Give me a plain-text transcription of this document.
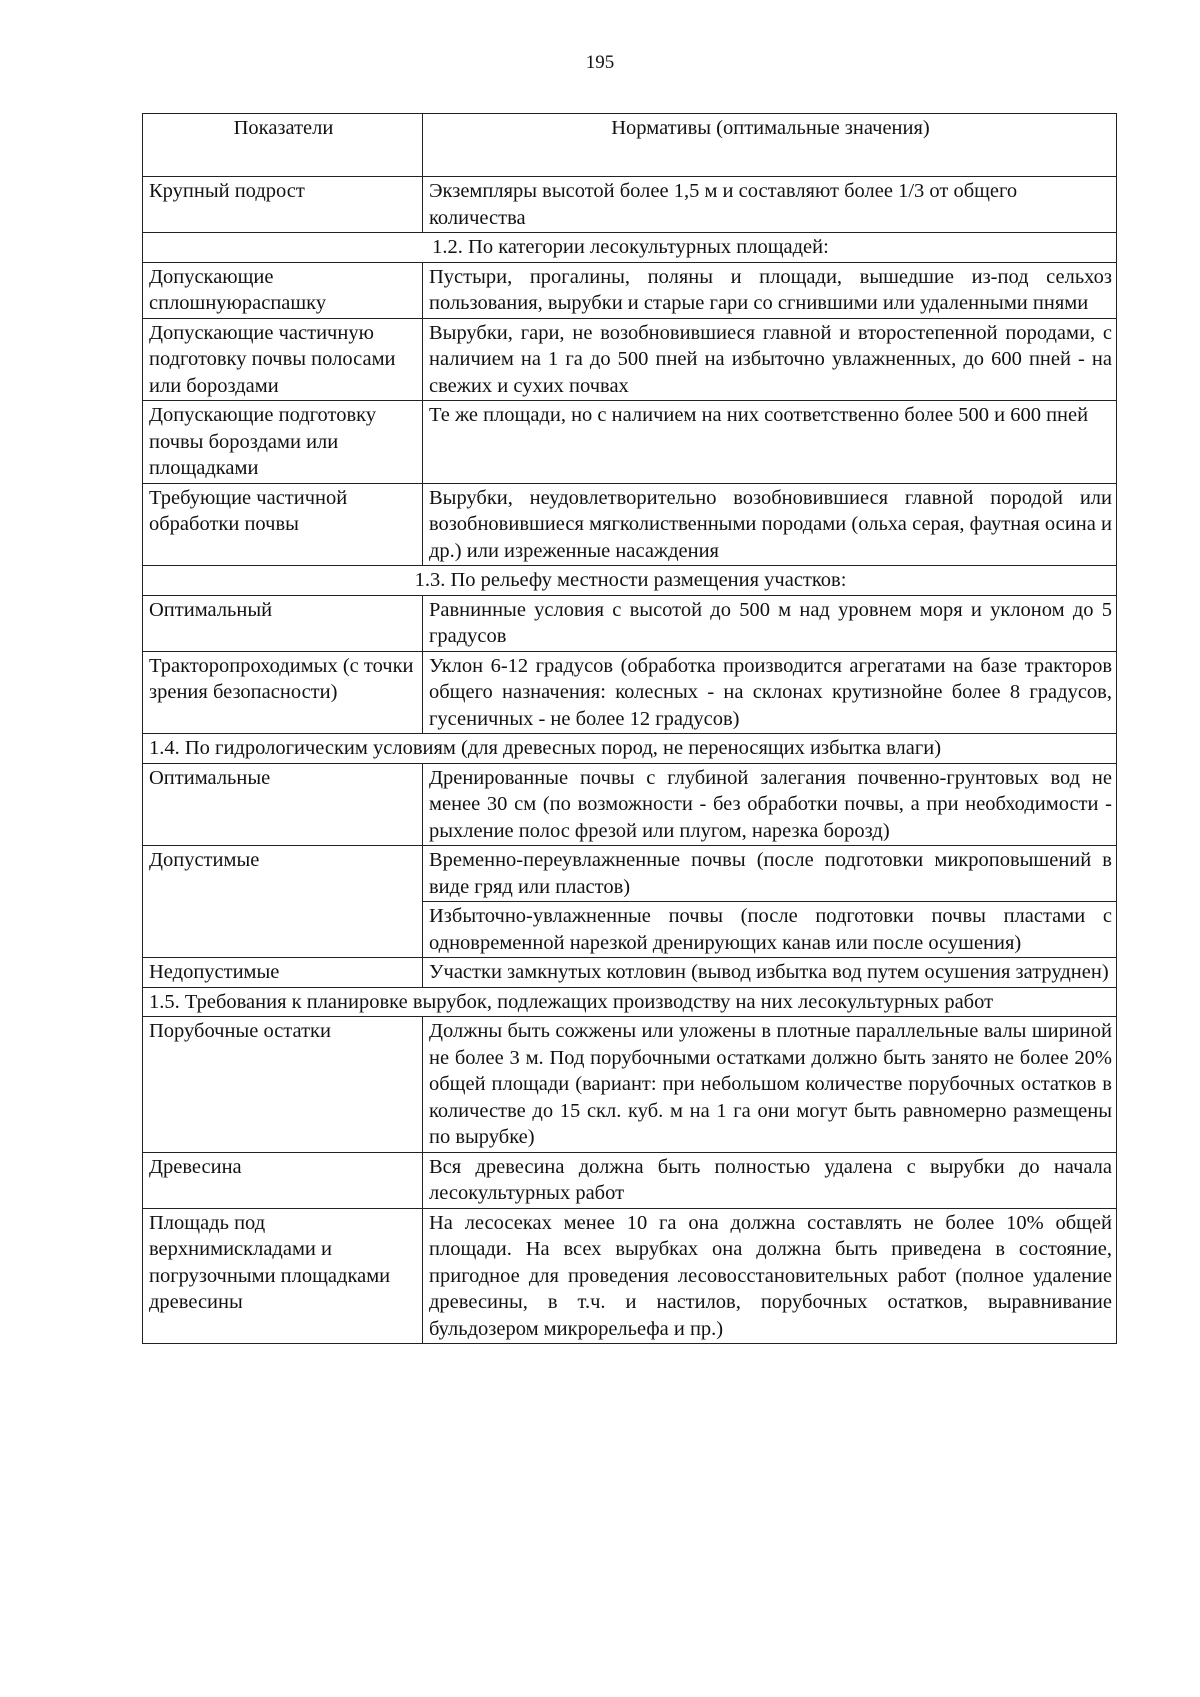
195
Показатели	Нормативы (оптимальные значения)
Крупный подрост	Экземпляры высотой более 1,5 м и составляют более 1/3 от общего количества
1.2. По категории лесокультурных площадей:	
Допускающие сплошнуюраспашку	Пустыри, прогалины, поляны и площади, вышедшие из-под сельхоз пользования, вырубки и старые гари со сгнившими или удаленными пнями
Допускающие частичную подготовку почвы полосами или бороздами	Вырубки, гари, не возобновившиеся главной и второстепенной породами, с наличием на 1 га до 500 пней на избыточно увлажненных, до 600 пней - на свежих и сухих почвах
Допускающие подготовку почвы бороздами или площадками	Те же площади, но с наличием на них соответственно более 500 и 600 пней
Требующие частичной обработки почвы	Вырубки, неудовлетворительно возобновившиеся главной породой или возобновившиеся мягколиственными породами (ольха серая, фаутная осина и др.) или изреженные насаждения
1.3. По рельефу местности размещения участков:	
Оптимальный	Равнинные условия с высотой до 500 м над уровнем моря и уклоном до 5 градусов
Тракторопроходимых (с точки зрения безопасности)	Уклон 6-12 градусов (обработка производится агрегатами на базе тракторов общего назначения: колесных - на склонах крутизнойне более 8 градусов, гусеничных - не более 12 градусов)
1.4. По гидрологическим условиям (для древесных пород, не переносящих избытка влаги)	
Оптимальные	Дренированные почвы с глубиной залегания почвенно-грунтовых вод не менее 30 см (по возможности - без обработки почвы, а при необходимости - рыхление полос фрезой или плугом, нарезка борозд)
Допустимые	Временно-переувлажненные почвы (после подготовки микроповышений в виде гряд или пластов)
	Избыточно-увлажненные почвы (после подготовки почвы пластами с одновременной нарезкой дренирующих канав или после осушения)
Недопустимые	Участки замкнутых котловин (вывод избытка вод путем осушения затруднен)
1.5. Требования к планировке вырубок, подлежащих производству на них лесокультурных работ	
Порубочные остатки	Должны быть сожжены или уложены в плотные параллельные валы шириной не более 3 м. Под порубочными остатками должно быть занято не более 20% общей площади (вариант: при небольшом количестве порубочных остатков в количестве до 15 скл. куб. м на 1 га они могут быть равномерно размещены по вырубке)
Древесина	Вся древесина должна быть полностью удалена с вырубки до начала лесокультурных работ
Площадь под верхнимискладами и погрузочными площадками древесины	На лесосеках менее 10 га она должна составлять не более 10% общей площади. На всех вырубках она должна быть приведена в состояние, пригодное для проведения лесовосстановительных работ (полное удаление древесины, в т.ч. и настилов, порубочных остатков, выравнивание бульдозером микрорельефа и пр.)
